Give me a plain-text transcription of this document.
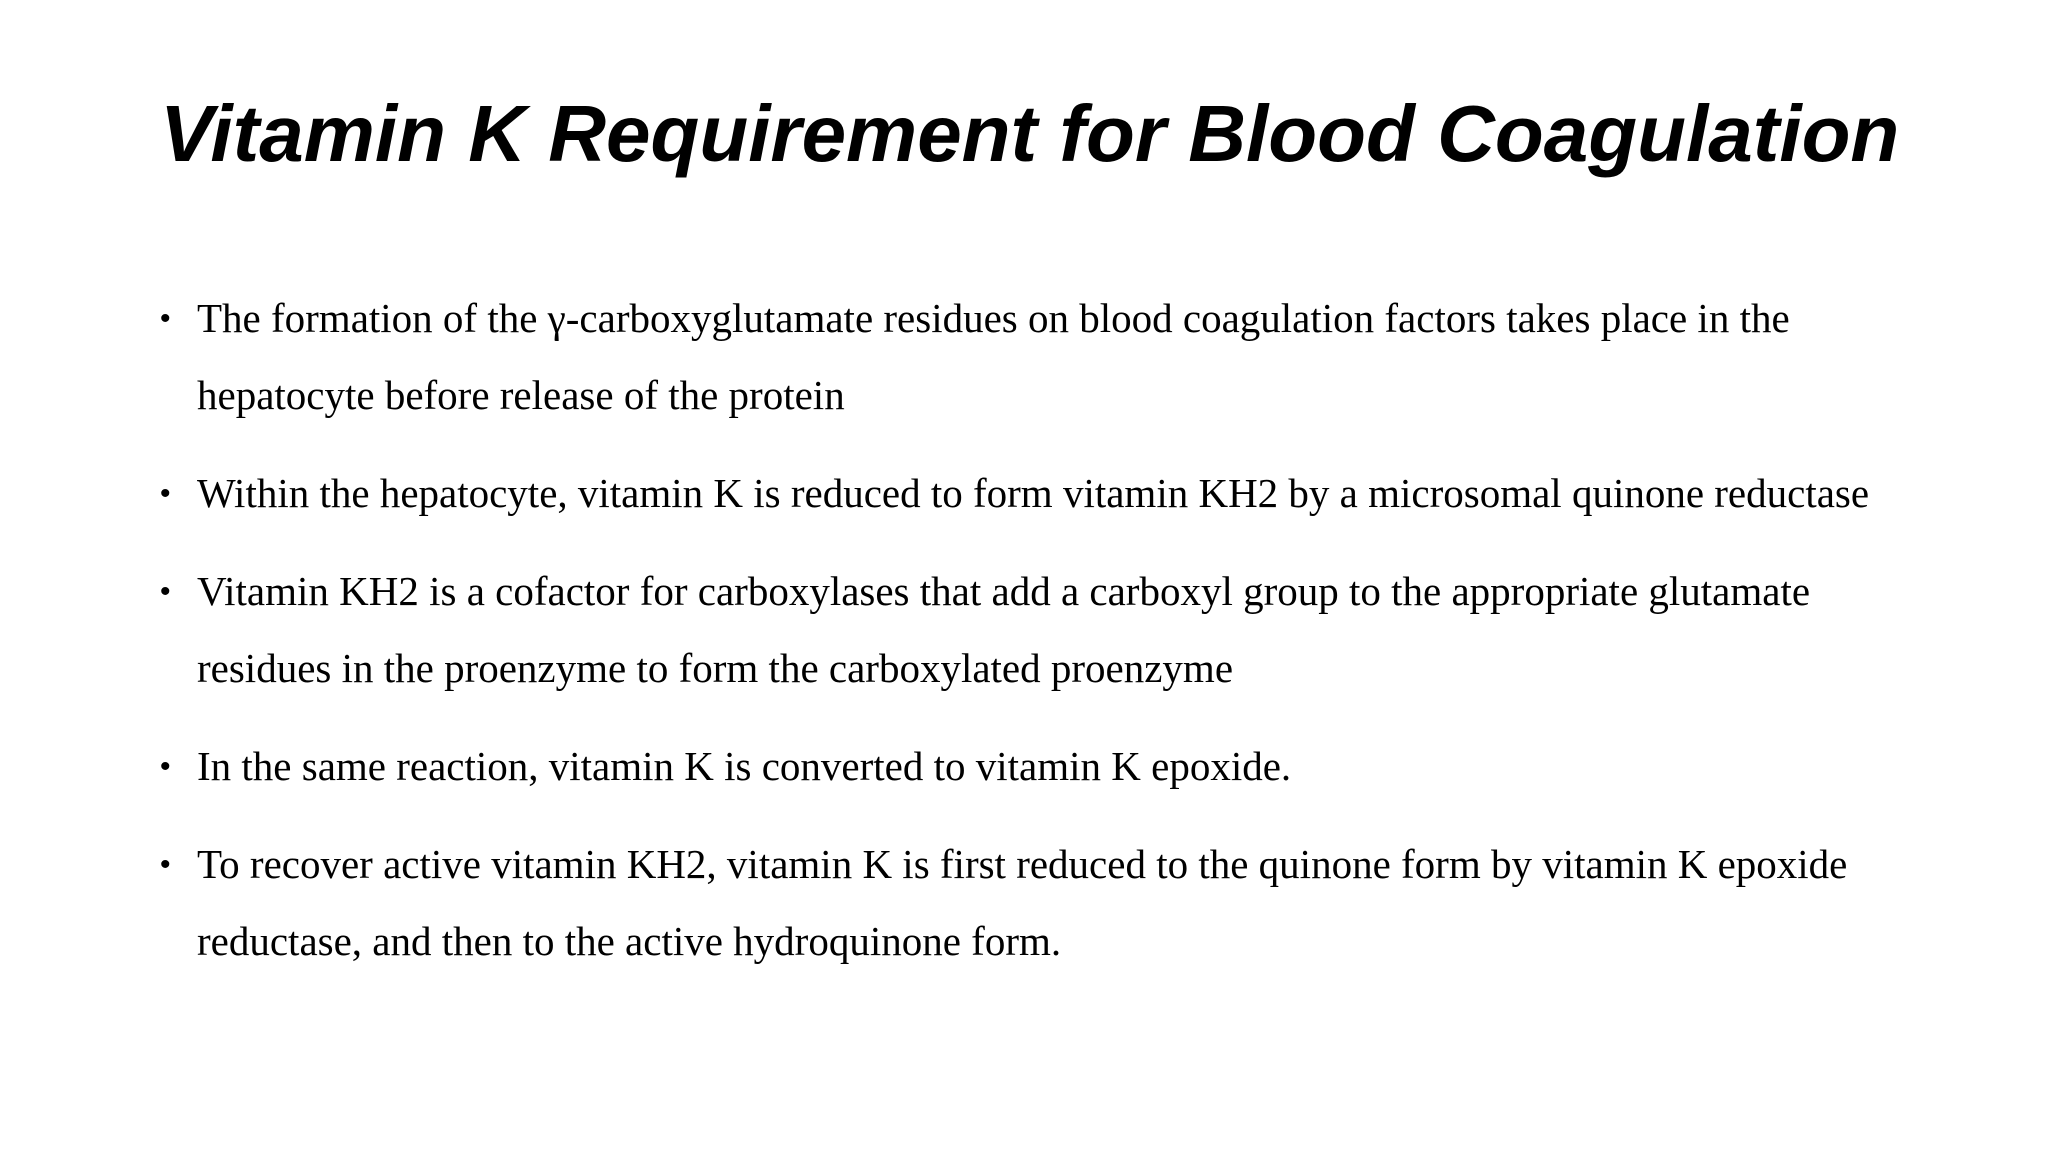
Vitamin K Requirement for Blood Coagulation
• The formation of the γ-carboxyglutamate residues on blood coagulation factors takes place in the hepatocyte before release of the protein
• Within the hepatocyte, vitamin K is reduced to form vitamin KH2 by a microsomal quinone reductase
• Vitamin KH2 is a cofactor for carboxylases that add a carboxyl group to the appropriate glutamate residues in the proenzyme to form the carboxylated proenzyme
• In the same reaction, vitamin K is converted to vitamin K epoxide.
• To recover active vitamin KH2, vitamin K is first reduced to the quinone form by vitamin K epoxide reductase, and then to the active hydroquinone form.
